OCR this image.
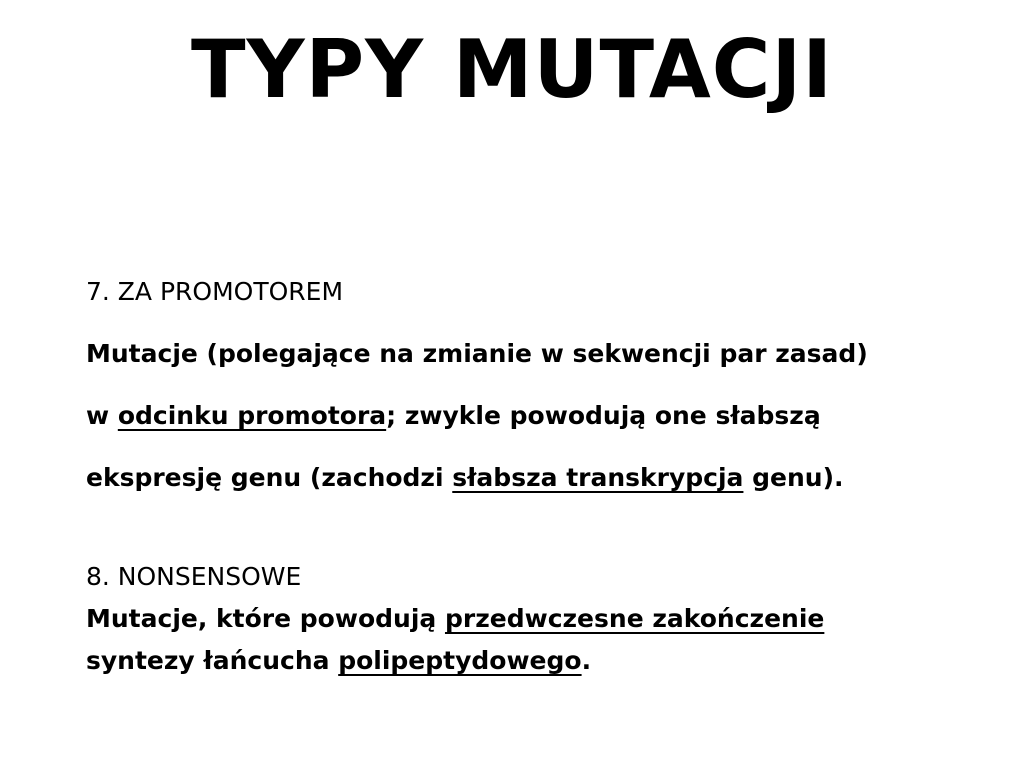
TYPY MUTACJI

7. ZA PROMOTOREM

Mutacje (polegające na zmianie w sekwencji par zasad)

w odcinku promotora; zwykle powodują one słabszą

ekspresję genu (zachodzi słabsza transkrypcja genu).

8. NONSENSOWE

Mutacje, które powodują przedwczesne zakończenie

syntezy łańcucha polipeptydowego.
